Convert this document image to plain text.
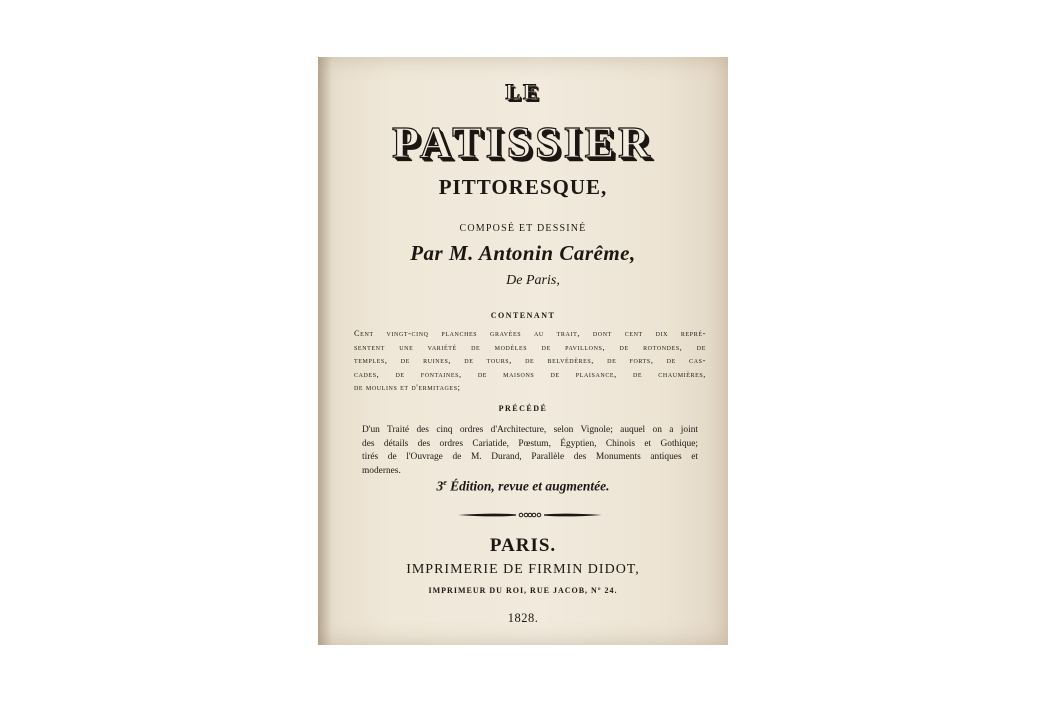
LE
PATISSIER
PITTORESQUE,
COMPOSÉ ET DESSINÉ
Par M. Antonin Carême,
De Paris,
CONTENANT
Cent vingt-cinq planches gravées au trait, dont cent dix repré-
sentent une variété de modèles de pavillons, de rotondes, de
temples, de ruines, de tours, de belvédères, de forts, de cas-
cades, de fontaines, de maisons de plaisance, de chaumières,
de moulins et d'ermitages;
PRÉCÉDÉ
D'un Traité des cinq ordres d'Architecture, selon Vignole; auquel on a joint
des détails des ordres Cariatide, Pœstum, Égyptien, Chinois et Gothique;
tirés de l'Ouvrage de M. Durand, Parallèle des Monuments antiques et
modernes.
3e Édition, revue et augmentée.
PARIS.
IMPRIMERIE DE FIRMIN DIDOT,
IMPRIMEUR DU ROI, RUE JACOB, Nº 24.
1828.
